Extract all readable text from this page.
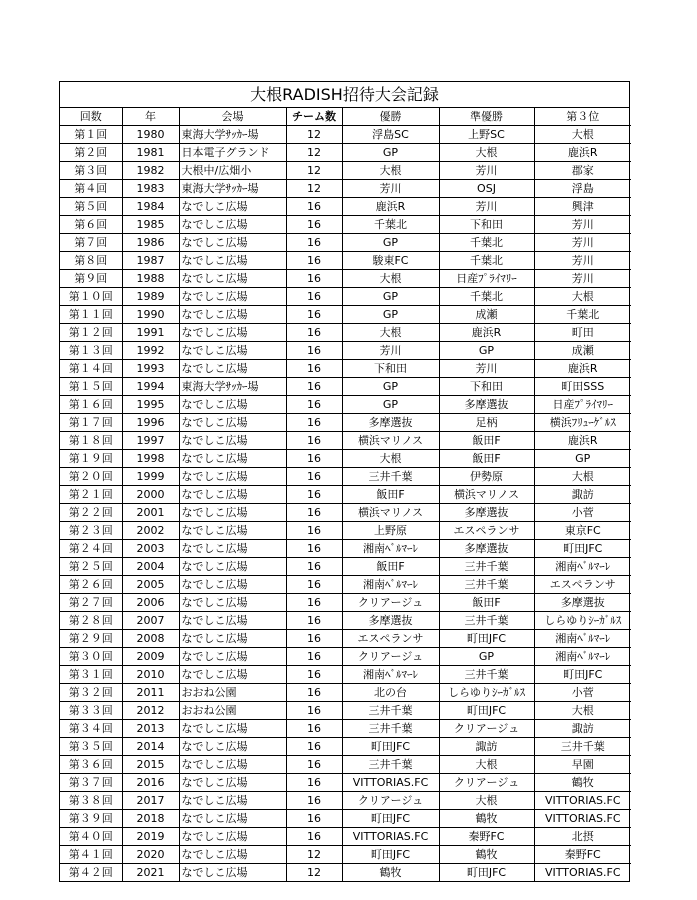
大根RADISH招待大会記録
回数	年	会場	チーム数	優勝	準優勝	第３位
第１回	1980	東海大学ｻｯｶｰ場	12	浮島SC	上野SC	大根
第２回	1981	日本電子グランド	12	GP	大根	鹿浜R
第３回	1982	大根中/広畑小	12	大根	芳川	郡家
第４回	1983	東海大学ｻｯｶｰ場	12	芳川	OSJ	浮島
第５回	1984	なでしこ広場	16	鹿浜R	芳川	興津
第６回	1985	なでしこ広場	16	千葉北	下和田	芳川
第７回	1986	なでしこ広場	16	GP	千葉北	芳川
第８回	1987	なでしこ広場	16	駿東FC	千葉北	芳川
第９回	1988	なでしこ広場	16	大根	日産ﾌﾟﾗｲﾏﾘｰ	芳川
第１０回	1989	なでしこ広場	16	GP	千葉北	大根
第１１回	1990	なでしこ広場	16	GP	成瀬	千葉北
第１２回	1991	なでしこ広場	16	大根	鹿浜R	町田
第１３回	1992	なでしこ広場	16	芳川	GP	成瀬
第１４回	1993	なでしこ広場	16	下和田	芳川	鹿浜R
第１５回	1994	東海大学ｻｯｶｰ場	16	GP	下和田	町田SSS
第１６回	1995	なでしこ広場	16	GP	多摩選抜	日産ﾌﾟﾗｲﾏﾘｰ
第１７回	1996	なでしこ広場	16	多摩選抜	足柄	横浜ﾌﾘｭｰｹﾞﾙｽ
第１８回	1997	なでしこ広場	16	横浜マリノス	飯田F	鹿浜R
第１９回	1998	なでしこ広場	16	大根	飯田F	GP
第２０回	1999	なでしこ広場	16	三井千葉	伊勢原	大根
第２１回	2000	なでしこ広場	16	飯田F	横浜マリノス	諏訪
第２２回	2001	なでしこ広場	16	横浜マリノス	多摩選抜	小菅
第２３回	2002	なでしこ広場	16	上野原	エスペランサ	東京FC
第２４回	2003	なでしこ広場	16	湘南ﾍﾞﾙﾏｰﾚ	多摩選抜	町田JFC
第２５回	2004	なでしこ広場	16	飯田F	三井千葉	湘南ﾍﾞﾙﾏｰﾚ
第２６回	2005	なでしこ広場	16	湘南ﾍﾞﾙﾏｰﾚ	三井千葉	エスペランサ
第２７回	2006	なでしこ広場	16	クリアージュ	飯田F	多摩選抜
第２８回	2007	なでしこ広場	16	多摩選抜	三井千葉	しらゆりｼｰｶﾞﾙｽ
第２９回	2008	なでしこ広場	16	エスペランサ	町田JFC	湘南ﾍﾞﾙﾏｰﾚ
第３０回	2009	なでしこ広場	16	クリアージュ	GP	湘南ﾍﾞﾙﾏｰﾚ
第３１回	2010	なでしこ広場	16	湘南ﾍﾞﾙﾏｰﾚ	三井千葉	町田JFC
第３２回	2011	おおね公園	16	北の台	しらゆりｼｰｶﾞﾙｽ	小菅
第３３回	2012	おおね公園	16	三井千葉	町田JFC	大根
第３４回	2013	なでしこ広場	16	三井千葉	クリアージュ	諏訪
第３５回	2014	なでしこ広場	16	町田JFC	諏訪	三井千葉
第３６回	2015	なでしこ広場	16	三井千葉	大根	早園
第３７回	2016	なでしこ広場	16	VITTORIAS.FC	クリアージュ	鶴牧
第３８回	2017	なでしこ広場	16	クリアージュ	大根	VITTORIAS.FC
第３９回	2018	なでしこ広場	16	町田JFC	鶴牧	VITTORIAS.FC
第４０回	2019	なでしこ広場	16	VITTORIAS.FC	秦野FC	北摂
第４１回	2020	なでしこ広場	12	町田JFC	鶴牧	秦野FC
第４２回	2021	なでしこ広場	12	鶴牧	町田JFC	VITTORIAS.FC
